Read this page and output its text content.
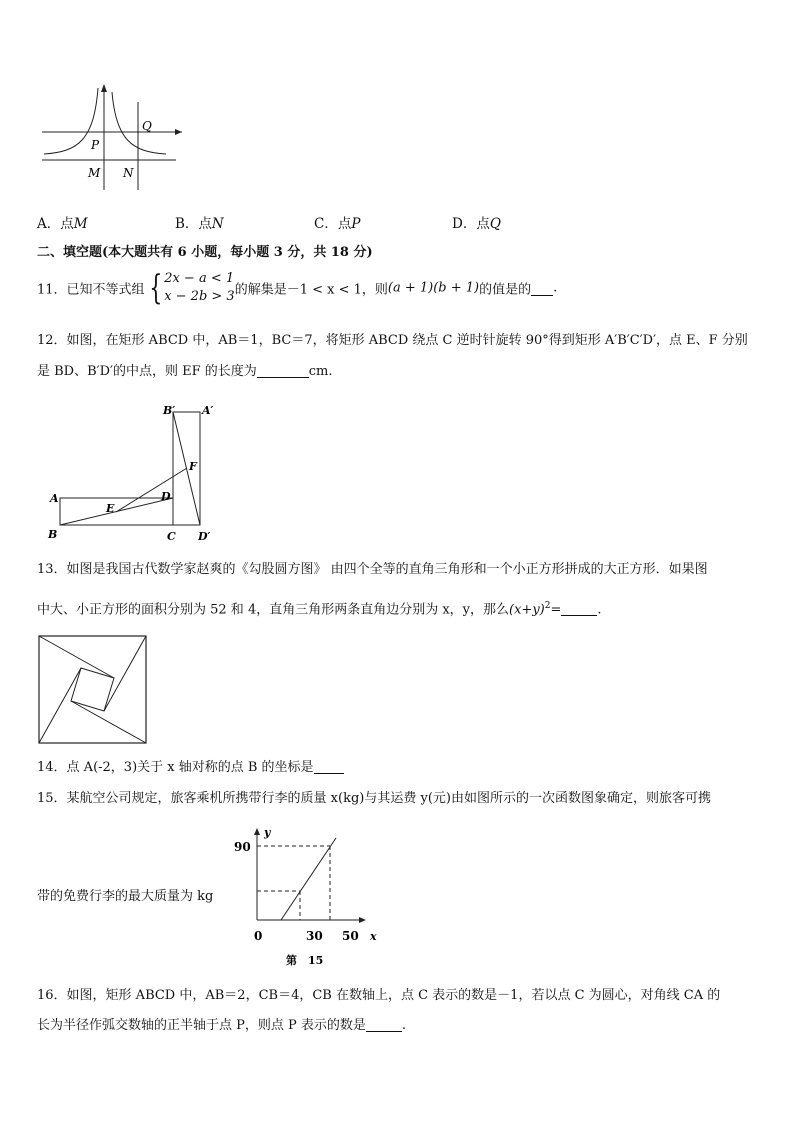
Q
P
M N
A．点M	B．点N	C．点P	D．点Q
二、填空题(本大题共有 6 小题，每小题 3 分，共 18 分)
11．已知不等式组 { 2x − a < 1
x − 2b > 3的解集是－1 < x < 1，则(a + 1)(b + 1)的值是的 .
12．如图，在矩形 ABCD 中，AB＝1，BC＝7，将矩形 ABCD 绕点 C 逆时针旋转 90°得到矩形 A′B′C′D′，点 E、F 分别
是 BD、B′D′的中点，则 EF 的长度为	cm.
B′ A′
F
A	D
E
B	C D′
13．如图是我国古代数学家赵爽的《勾股圆方图》 由四个全等的直角三角形和一个小正方形拼成的大正方形．如果图
中大、小正方形的面积分别为 52 和 4，直角三角形两条直角边分别为 x，y，那么$(x+y)^2=$	.
14．点 A(-2，3)关于 x 轴对称的点 B 的坐标是
15．某航空公司规定，旅客乘机所携带行李的质量 x(kg)与其运费 y(元)由如图所示的一次函数图象确定，则旅客可携
带的免费行李的最大质量为 kg
y
90
0	30 50 x
第　15
16．如图，矩形 ABCD 中，AB＝2，CB＝4，CB 在数轴上，点 C 表示的数是－1，若以点 C 为圆心，对角线 CA 的
长为半径作弧交数轴的正半轴于点 P，则点 P 表示的数是	.
